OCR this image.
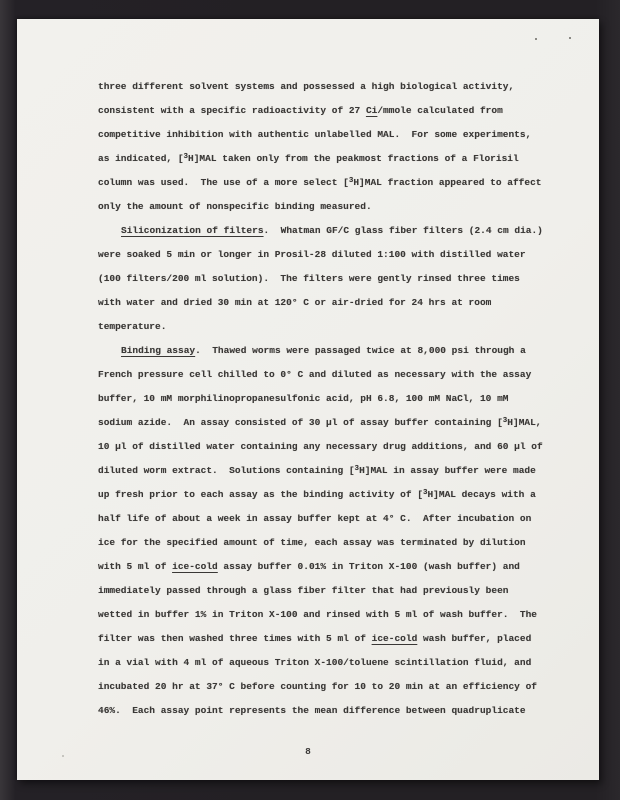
three different solvent systems and possessed a high biological activity,
consistent with a specific radioactivity of 27 Ci/mmole calculated from
competitive inhibition with authentic unlabelled MAL.  For some experiments,
as indicated, [$^3$H]MAL taken only from the peakmost fractions of a Florisil
column was used.  The use of a more select [$^3$H]MAL fraction appeared to affect
only the amount of nonspecific binding measured.
Siliconization of filters.  Whatman GF/C glass fiber filters (2.4 cm dia.)
were soaked 5 min or longer in Prosil-28 diluted 1:100 with distilled water
(100 filters/200 ml solution).  The filters were gently rinsed three times
with water and dried 30 min at 120° C or air-dried for 24 hrs at room
temperature.
Binding assay.  Thawed worms were passaged twice at 8,000 psi through a
French pressure cell chilled to 0° C and diluted as necessary with the assay
buffer, 10 mM morphilinopropanesulfonic acid, pH 6.8, 100 mM NaCl, 10 mM
sodium azide.  An assay consisted of 30 μl of assay buffer containing [$^3$H]MAL,
10 μl of distilled water containing any necessary drug additions, and 60 μl of
diluted worm extract.  Solutions containing [$^3$H]MAL in assay buffer were made
up fresh prior to each assay as the binding activity of [$^3$H]MAL decays with a
half life of about a week in assay buffer kept at 4° C.  After incubation on
ice for the specified amount of time, each assay was terminated by dilution
with 5 ml of ice-cold assay buffer 0.01% in Triton X-100 (wash buffer) and
immediately passed through a glass fiber filter that had previously been
wetted in buffer 1% in Triton X-100 and rinsed with 5 ml of wash buffer.  The
filter was then washed three times with 5 ml of ice-cold wash buffer, placed
in a vial with 4 ml of aqueous Triton X-100/toluene scintillation fluid, and
incubated 20 hr at 37° C before counting for 10 to 20 min at an efficiency of
46%.  Each assay point represents the mean difference between quadruplicate
8
